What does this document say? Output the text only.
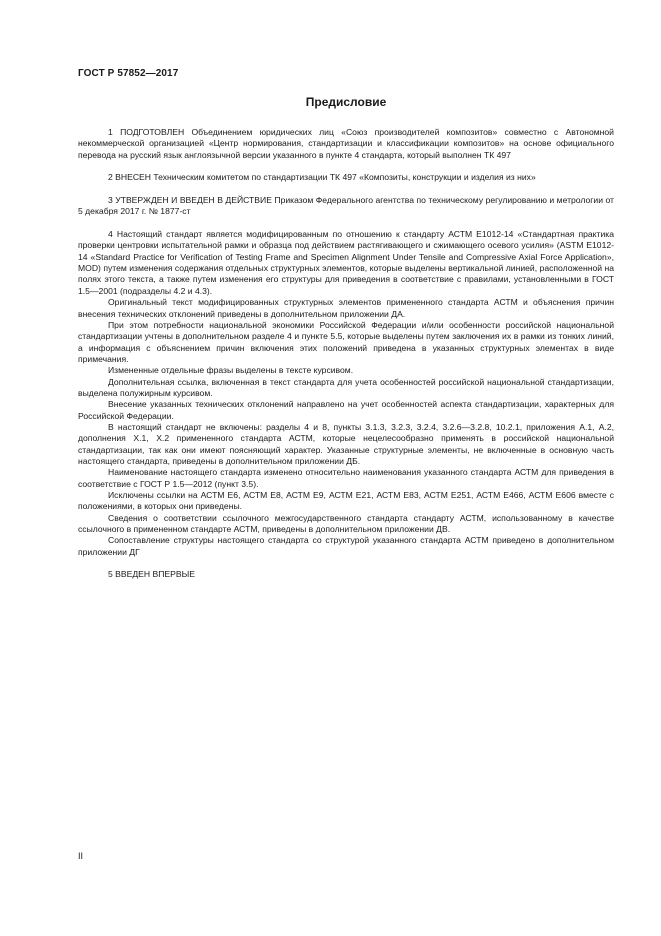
ГОСТ Р 57852—2017
Предисловие

1 ПОДГОТОВЛЕН Объединением юридических лиц «Союз производителей композитов» совместно с Автономной некоммерческой организацией «Центр нормирования, стандартизации и классификации композитов» на основе официального перевода на русский язык англоязычной версии указанного в пункте 4 стандарта, который выполнен ТК 497

2 ВНЕСЕН Техническим комитетом по стандартизации ТК 497 «Композиты, конструкции и изделия из них»

3 УТВЕРЖДЕН И ВВЕДЕН В ДЕЙСТВИЕ Приказом Федерального агентства по техническому регулированию и метрологии от 5 декабря 2017 г. № 1877-ст

4 Настоящий стандарт является модифицированным по отношению к стандарту АСТМ Е1012-14 «Стандартная практика проверки центровки испытательной рамки и образца под действием растягивающего и сжимающего осевого усилия» (ASTM E1012-14 «Standard Practice for Verification of Testing Frame and Specimen Alignment Under Tensile and Compressive Axial Force Application», MOD) путем изменения содержания отдельных структурных элементов, которые выделены вертикальной линией, расположенной на полях этого текста, а также путем изменения его структуры для приведения в соответствие с правилами, установленными в ГОСТ 1.5—2001 (подразделы 4.2 и 4.3).

Оригинальный текст модифицированных структурных элементов примененного стандарта АСТМ и объяснения причин внесения технических отклонений приведены в дополнительном приложении ДА.

При этом потребности национальной экономики Российской Федерации и/или особенности российской национальной стандартизации учтены в дополнительном разделе 4 и пункте 5.5, которые выделены путем заключения их в рамки из тонких линий, а информация с объяснением причин включения этих положений приведена в указанных структурных элементах в виде примечания.

Измененные отдельные фразы выделены в тексте курсивом.

Дополнительная ссылка, включенная в текст стандарта для учета особенностей российской национальной стандартизации, выделена полужирным курсивом.

Внесение указанных технических отклонений направлено на учет особенностей аспекта стандартизации, характерных для Российской Федерации.

В настоящий стандарт не включены: разделы 4 и 8, пункты 3.1.3, 3.2.3, 3.2.4, 3.2.6—3.2.8, 10.2.1, приложения А.1, А.2, дополнения Х.1, Х.2 примененного стандарта АСТМ, которые нецелесообразно применять в российской национальной стандартизации, так как они имеют поясняющий характер. Указанные структурные элементы, не включенные в основную часть настоящего стандарта, приведены в дополнительном приложении ДБ.

Наименование настоящего стандарта изменено относительно наименования указанного стандарта АСТМ для приведения в соответствие с ГОСТ Р 1.5—2012 (пункт 3.5).

Исключены ссылки на АСТМ Е6, АСТМ Е8, АСТМ Е9, АСТМ Е21, АСТМ Е83, АСТМ Е251, АСТМ Е466, АСТМ Е606 вместе с положениями, в которых они приведены.

Сведения о соответствии ссылочного межгосударственного стандарта стандарту АСТМ, использованному в качестве ссылочного в примененном стандарте АСТМ, приведены в дополнительном приложении ДВ.

Сопоставление структуры настоящего стандарта со структурой указанного стандарта АСТМ приведено в дополнительном приложении ДГ

5 ВВЕДЕН ВПЕРВЫЕ

II
